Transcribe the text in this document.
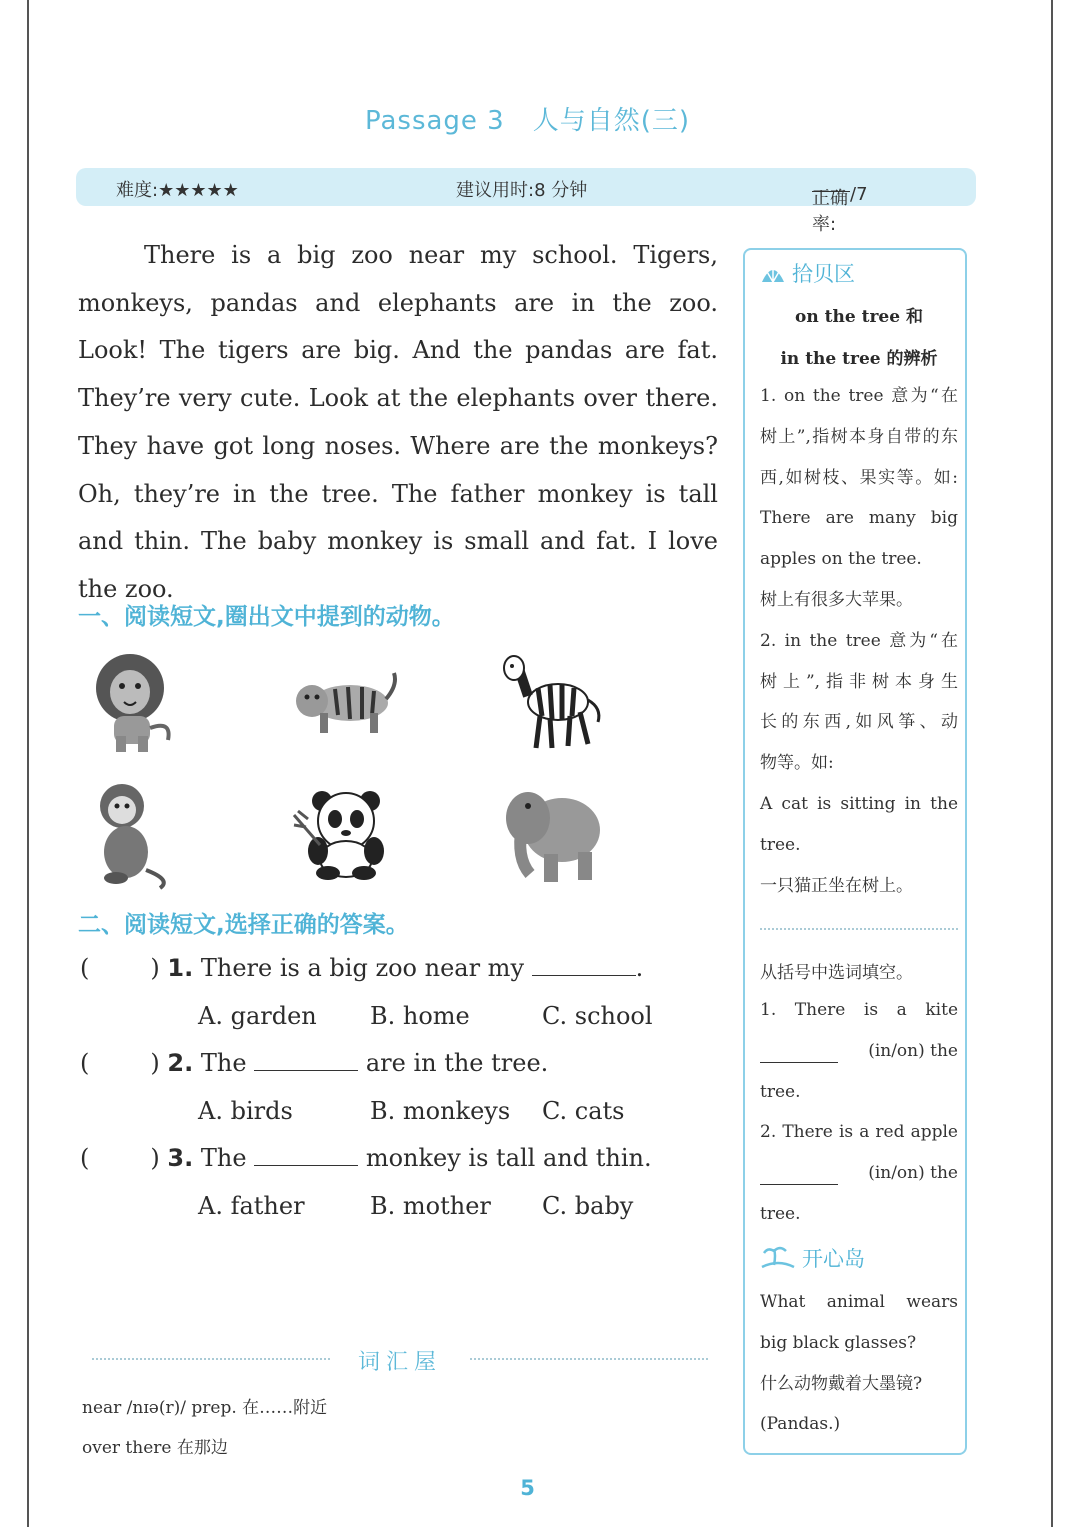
Passage 3 人与自然(三)
难度:★★★★★	建议用时:8 分钟	正确率:
/7

There is a big zoo near my school. Tigers, monkeys, pandas and elephants are in the zoo. Look! The tigers are big. And the pandas are fat. They’re very cute. Look at the elephants over there. They have got long noses. Where are the monkeys? Oh, they’re in the tree. The father monkey is tall and thin. The baby monkey is small and fat. I love the zoo.

一、阅读短文,圈出文中提到的动物。
二、阅读短文,选择正确的答案。
(        ) 1. There is a big zoo near my	.
A. garden B. home	C. school
(        ) 2. The	are in the tree.
A. birds	B. monkeys C. cats
(        ) 3. The	monkey is tall and thin.
A. father	B. mother C. baby
词汇屋
near /nɪə(r)/ prep. 在……附近
over there 在那边
5
拾贝区
on the tree 和
in the tree 的辨析
1. on the tree 意为“在
树上”,指树本身自带的东
西,如树枝、果实等。如:
There are many big
apples on the tree.
树上有很多大苹果。
2. in the tree 意为“在
树上”,指非树本身生
长的东西,如风筝、动
物等。如:
A cat is sitting in the
tree.
一只猫正坐在树上。
从括号中选词填空。
1. There is a kite
(in/on) the
tree.
2. There is a red apple
(in/on) the
tree.
开心岛
What animal wears
big black glasses?
什么动物戴着大墨镜?
(Pandas.)
